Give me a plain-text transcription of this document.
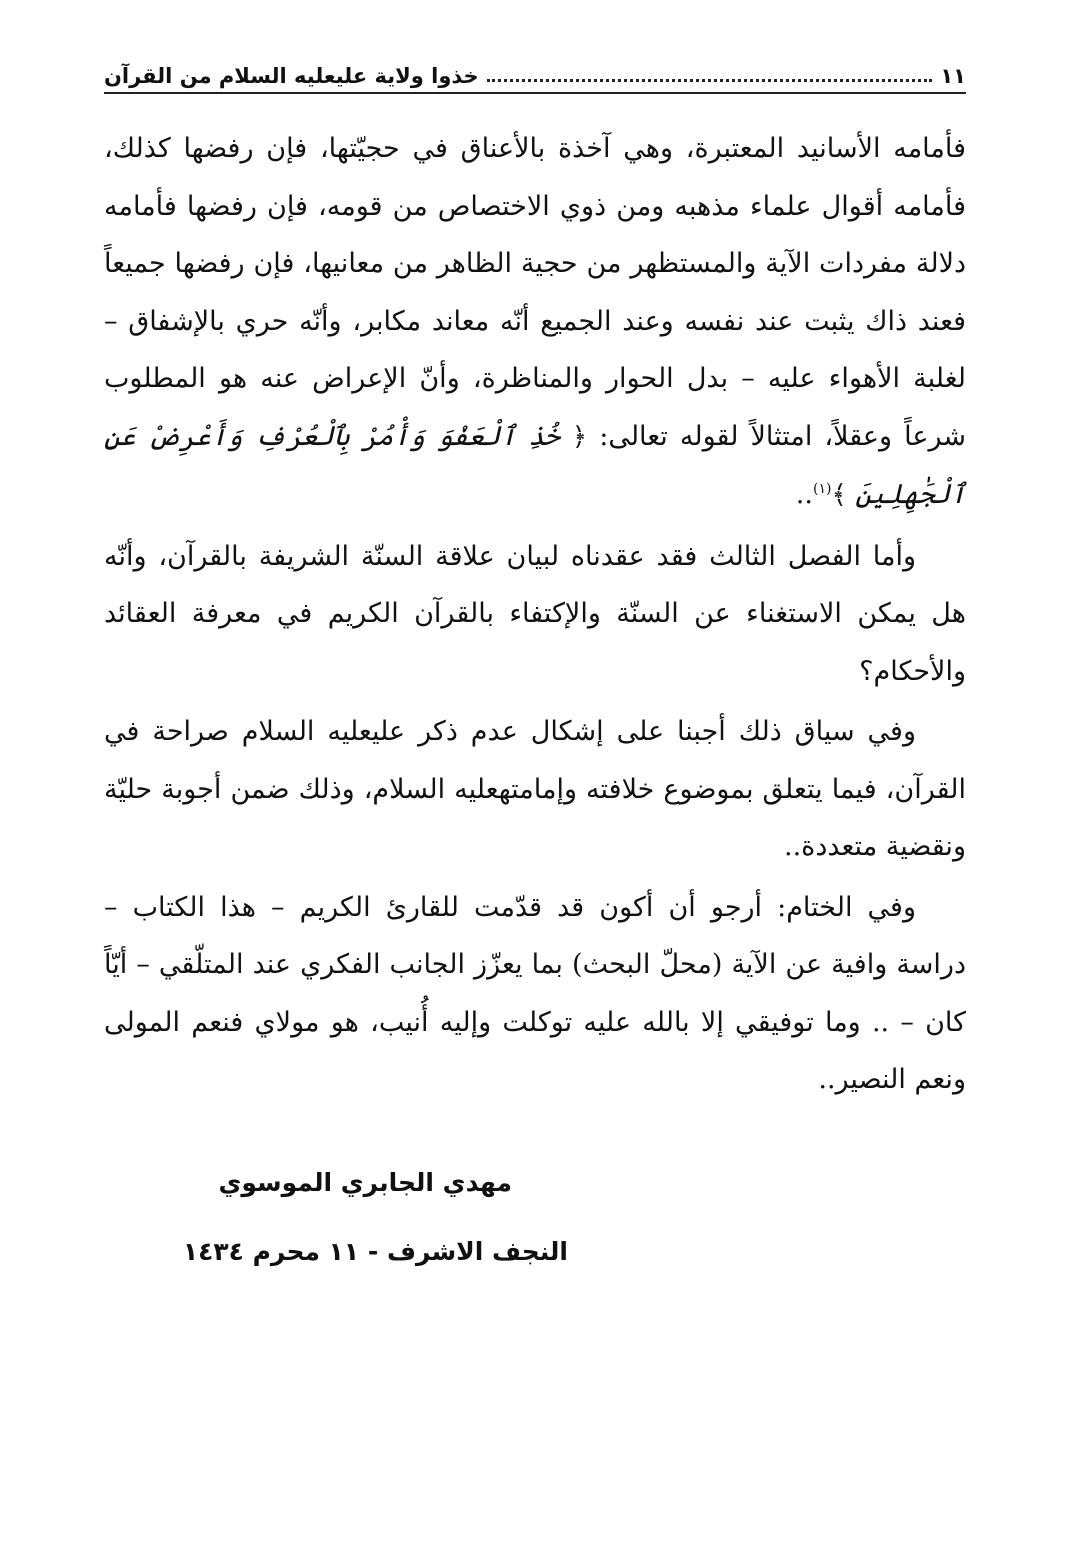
١١
خذوا ولاية عليعليه السلام من القرآن

فأمامه الأسانيد المعتبرة، وهي آخذة بالأعناق في حجيّتها، فإن رفضها كذلك، فأمامه أقوال علماء مذهبه ومن ذوي الاختصاص من قومه، فإن رفضها فأمامه دلالة مفردات الآية والمستظهر من حجية الظاهر من معانيها، فإن رفضها جميعاً فعند ذاك يثبت عند نفسه وعند الجميع أنّه معاند مكابر، وأنّه حري بالإشفاق – لغلبة الأهواء عليه – بدل الحوار والمناظرة، وأنّ الإعراض عنه هو المطلوب شرعاً وعقلاً، امتثالاً لقوله تعالى: ﴿ خُذِ ٱلْعَفْوَ وَأْمُرْ بِٱلْعُرْفِ وَأَعْرِضْ عَنِ ٱلْجَٰهِلِينَ ﴾$^{(١)}$..

وأما الفصل الثالث فقد عقدناه لبيان علاقة السنّة الشريفة بالقرآن، وأنّه هل يمكن الاستغناء عن السنّة والإكتفاء بالقرآن الكريم في معرفة العقائد والأحكام؟

وفي سياق ذلك أجبنا على إشكال عدم ذكر عليعليه السلام صراحة في القرآن، فيما يتعلق بموضوع خلافته وإمامتهعليه السلام، وذلك ضمن أجوبة حليّة ونقضية متعددة..

وفي الختام: أرجو أن أكون قد قدّمت للقارئ الكريم – هذا الكتاب – دراسة وافية عن الآية (محلّ البحث) بما يعزّز الجانب الفكري عند المتلّقي – أيّاً كان – .. وما توفيقي إلا بالله عليه توكلت وإليه أُنيب، هو مولاي فنعم المولى ونعم النصير..

مهدي الجابري الموسوي
النجف الاشرف - ١١ محرم ١٤٣٤
